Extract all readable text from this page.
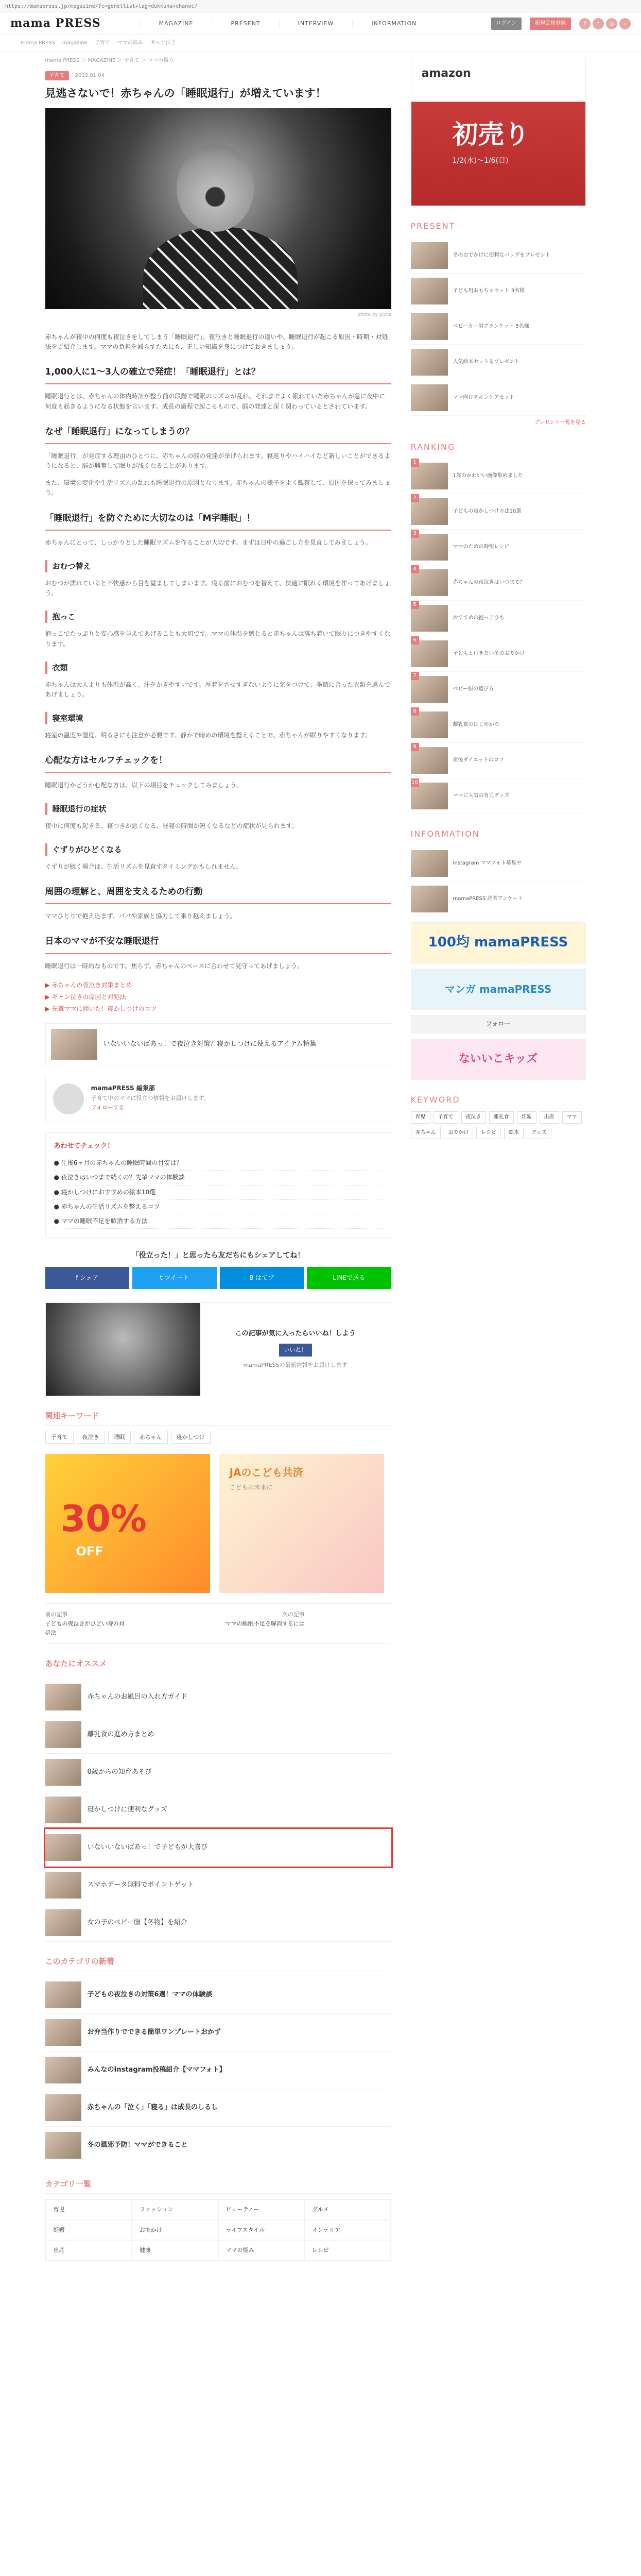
https://mamapress.jp/magazine/?c=genetlist+tag=dukkuna+chanoc/
mama PRESS	MAGAZINE	PRESENT	INTERVIEW	INFORMATION	ログイン	新規会員登録	f	t	◎	⌕
mama PRESS magazine 子育て ママの悩み ギャン泣き
mama PRESS ＞ MAGAZINE ＞ 子育て ＞ ママの悩み
子育て 2019.01.04
見逃さないで！赤ちゃんの「睡眠退行」が増えています！
photo by pixta

赤ちゃんが夜中の何度も夜泣きをしてしまう「睡眠退行」。夜泣きと睡眠退行の違いや、睡眠退行が起こる原因・時期・対処法をご紹介します。ママの負担を減らすためにも、正しい知識を身につけておきましょう。

1,000人に1〜3人の確立で発症！「睡眠退行」とは？

睡眠退行とは、赤ちゃんの体内時計が整う前の段階で睡眠のリズムが乱れ、それまでよく眠れていた赤ちゃんが急に夜中に何度も起きるようになる状態を言います。成長の過程で起こるもので、脳の発達と深く関わっているとされています。

なぜ「睡眠退行」になってしまうの？

「睡眠退行」が発症する理由のひとつに、赤ちゃんの脳の発達が挙げられます。寝返りやハイハイなど新しいことができるようになると、脳が興奮して眠りが浅くなることがあります。

また、環境の変化や生活リズムの乱れも睡眠退行の原因となります。赤ちゃんの様子をよく観察して、原因を探ってみましょう。

「睡眠退行」を防ぐために大切なのは「M字睡眠」！

赤ちゃんにとって、しっかりとした睡眠リズムを作ることが大切です。まずは日中の過ごし方を見直してみましょう。

おむつ替え

おむつが濡れていると不快感から目を覚ましてしまいます。寝る前におむつを替えて、快適に眠れる環境を作ってあげましょう。

抱っこ

抱っこでたっぷりと安心感を与えてあげることも大切です。ママの体温を感じると赤ちゃんは落ち着いて眠りにつきやすくなります。

衣類

赤ちゃんは大人よりも体温が高く、汗をかきやすいです。厚着をさせすぎないように気をつけて、季節に合った衣類を選んであげましょう。

寝室環境

寝室の温度や湿度、明るさにも注意が必要です。静かで暗めの環境を整えることで、赤ちゃんが眠りやすくなります。

心配な方はセルフチェックを！

睡眠退行かどうか心配な方は、以下の項目をチェックしてみましょう。

睡眠退行の症状

夜中に何度も起きる、寝つきが悪くなる、昼寝の時間が短くなるなどの症状が見られます。

ぐずりがひどくなる

ぐずりが続く場合は、生活リズムを見直すタイミングかもしれません。

周囲の理解と、周囲を支えるための行動

ママひとりで抱え込まず、パパや家族と協力して乗り越えましょう。

日本のママが不安な睡眠退行

睡眠退行は一時的なものです。焦らず、赤ちゃんのペースに合わせて見守ってあげましょう。

▶ 赤ちゃんの夜泣き対策まとめ
▶ ギャン泣きの原因と対処法
▶ 先輩ママに聞いた！寝かしつけのコツ
いないいないばあっ！で夜泣き対策？寝かしつけに使えるアイテム特集
mamaPRESS 編集部
子育て中のママに役立つ情報をお届けします。
フォローする
あわせてチェック！
● 生後6ヶ月の赤ちゃんの睡眠時間の目安は？
● 夜泣きはいつまで続くの？先輩ママの体験談
● 寝かしつけにおすすめの絵本10選
● 赤ちゃんの生活リズムを整えるコツ
● ママの睡眠不足を解消する方法
「役立った！」と思ったら友だちにもシェアしてね！
f シェア	t ツイート	B はてブ	LINEで送る
この記事が気に入ったらいいね！しよう
いいね！
mamaPRESSの最新情報をお届けします
関連キーワード
子育て	夜泣き	睡眠	赤ちゃん	寝かしつけ
30%
OFF
JAのこども共済
こどもの未来に
前の記事
子どもの夜泣きがひどい時の対処法
次の記事
ママの睡眠不足を解消するには
あなたにオススメ
赤ちゃんのお風呂の入れ方ガイド
離乳食の進め方まとめ
0歳からの知育あそび
寝かしつけに便利なグッズ
いないいないばあっ！で子どもが大喜び
スマホデータ無料でポイントゲット
女の子のベビー服【冬物】を紹介
このカテゴリの新着
子どもの夜泣きの対策6選！ママの体験談
お弁当作りでできる簡単ワンプレートおかず
みんなのInstagram投稿紹介【ママフォト】
赤ちゃんの「泣く」「寝る」は成長のしるし
冬の風邪予防！ママができること
カテゴリ一覧
育児	ファッション	ビューティー	グルメ
妊娠	おでかけ	ライフスタイル	インテリア
出産	健康	ママの悩み	レシピ
amazon
初売り
1/2(水)〜1/6(日)
PRESENT
冬のおでかけに便利なバッグをプレゼント
子ども用おもちゃセット 3名様
ベビーカー用ブランケット 5名様
人気絵本セットをプレゼント
ママ向けスキンケアセット
プレゼント一覧を見る
RANKING
1
1歳のかわいい画像集めました
2
子どもの寝かしつけ方法10選
3
ママのための時短レシピ
4
赤ちゃんの夜泣きはいつまで？
5
おすすめの抱っこひも
6
子どもと行きたい冬のおでかけ
7
ベビー服の選び方
8
離乳食のはじめかた
9
産後ダイエットのコツ
10
ママに人気の育児グッズ
INFORMATION
Instagram ママフォト募集中
mamaPRESS 読者アンケート
100均 mamaPRESS
マンガ mamaPRESS
フォロー
ないいこキッズ
KEYWORD
育児	子育て	夜泣き	離乳食	妊娠	出産	ママ
赤ちゃん	おでかけ	レシピ	絵本	グッズ
